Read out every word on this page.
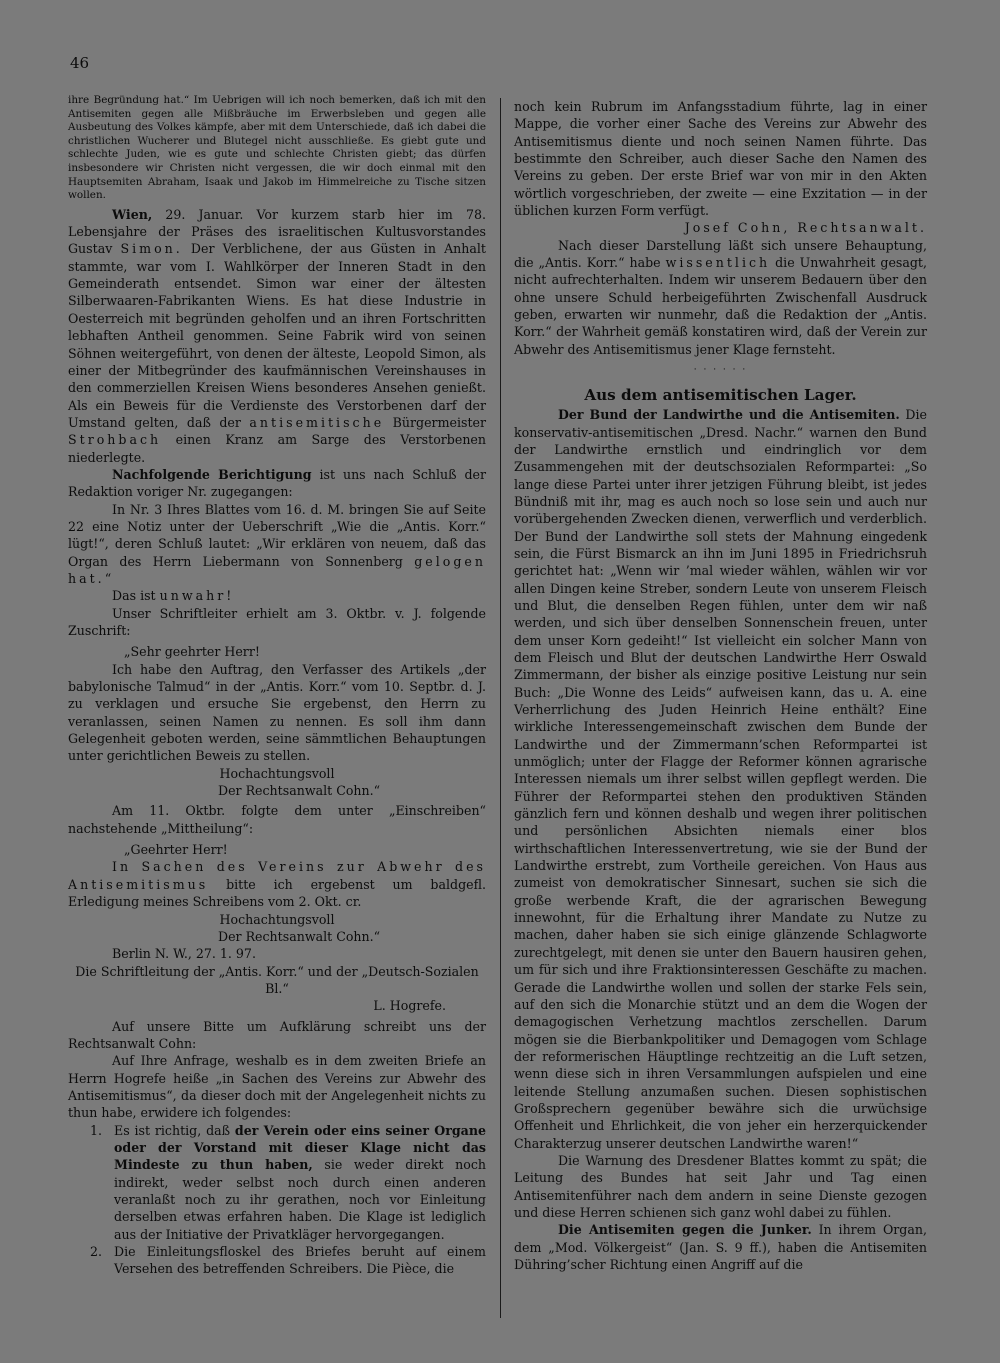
46

ihre Begründung hat.“ Im Uebrigen will ich noch bemerken, daß ich mit den Antisemiten gegen alle Mißbräuche im Erwerbsleben und gegen alle Ausbeutung des Volkes kämpfe, aber mit dem Unterschiede, daß ich dabei die christlichen Wucherer und Blutegel nicht ausschließe. Es giebt gute und schlechte Juden, wie es gute und schlechte Christen giebt; das dürfen insbesondere wir Christen nicht vergessen, die wir doch einmal mit den Hauptsemiten Abraham, Isaak und Jakob im Himmelreiche zu Tische sitzen wollen.

Wien, 29. Januar. Vor kurzem starb hier im 78. Lebensjahre der Präses des israelitischen Kultusvorstandes Gustav Simon. Der Verblichene, der aus Güsten in Anhalt stammte, war vom I. Wahlkörper der Inneren Stadt in den Gemeinderath entsendet. Simon war einer der ältesten Silberwaaren-Fabrikanten Wiens. Es hat diese Industrie in Oesterreich mit begründen geholfen und an ihren Fortschritten lebhaften Antheil genommen. Seine Fabrik wird von seinen Söhnen weitergeführt, von denen der älteste, Leopold Simon, als einer der Mitbegründer des kaufmännischen Vereinshauses in den commerziellen Kreisen Wiens besonderes Ansehen genießt. Als ein Beweis für die Verdienste des Verstorbenen darf der Umstand gelten, daß der antisemitische Bürgermeister Strohbach einen Kranz am Sarge des Verstorbenen niederlegte.

Nachfolgende Berichtigung ist uns nach Schluß der Redaktion voriger Nr. zugegangen:

In Nr. 3 Ihres Blattes vom 16. d. M. bringen Sie auf Seite 22 eine Notiz unter der Ueberschrift „Wie die „Antis. Korr.“ lügt!“, deren Schluß lautet: „Wir erklären von neuem, daß das Organ des Herrn Liebermann von Sonnenberg gelogen hat.“

Das ist unwahr!

Unser Schriftleiter erhielt am 3. Oktbr. v. J. folgende Zuschrift:

„Sehr geehrter Herr!

Ich habe den Auftrag, den Verfasser des Artikels „der babylonische Talmud“ in der „Antis. Korr.“ vom 10. Septbr. d. J. zu verklagen und ersuche Sie ergebenst, den Herrn zu veranlassen, seinen Namen zu nennen. Es soll ihm dann Gelegenheit geboten werden, seine sämmtlichen Behauptungen unter gerichtlichen Beweis zu stellen.

Hochachtungsvoll

Der Rechtsanwalt Cohn.“

Am 11. Oktbr. folgte dem unter „Einschreiben“ nachstehende „Mittheilung“:

„Geehrter Herr!

In Sachen des Vereins zur Abwehr des Antisemitismus bitte ich ergebenst um baldgefl. Erledigung meines Schreibens vom 2. Okt. cr.

Hochachtungsvoll

Der Rechtsanwalt Cohn.“

Berlin N. W., 27. 1. 97.

Die Schriftleitung der „Antis. Korr.“ und der „Deutsch-Sozialen Bl.“

L. Hogrefe.

Auf unsere Bitte um Aufklärung schreibt uns der Rechtsanwalt Cohn:

Auf Ihre Anfrage, weshalb es in dem zweiten Briefe an Herrn Hogrefe heiße „in Sachen des Vereins zur Abwehr des Antisemitismus“, da dieser doch mit der Angelegenheit nichts zu thun habe, erwidere ich folgendes:

1. Es ist richtig, daß der Verein oder eins seiner Organe oder der Vorstand mit dieser Klage nicht das Mindeste zu thun haben, sie weder direkt noch indirekt, weder selbst noch durch einen anderen veranlaßt noch zu ihr gerathen, noch vor Einleitung derselben etwas erfahren haben. Die Klage ist lediglich aus der Initiative der Privatkläger hervorgegangen.
2. Die Einleitungsfloskel des Briefes beruht auf einem Versehen des betreffenden Schreibers. Die Pièce, die

noch kein Rubrum im Anfangsstadium führte, lag in einer Mappe, die vorher einer Sache des Vereins zur Abwehr des Antisemitismus diente und noch seinen Namen führte. Das bestimmte den Schreiber, auch dieser Sache den Namen des Vereins zu geben. Der erste Brief war von mir in den Akten wörtlich vorgeschrieben, der zweite — eine Exzitation — in der üblichen kurzen Form verfügt.

Josef Cohn, Rechtsanwalt.

Nach dieser Darstellung läßt sich unsere Behauptung, die „Antis. Korr.“ habe wissentlich die Unwahrheit gesagt, nicht aufrechterhalten. Indem wir unserem Bedauern über den ohne unsere Schuld herbeigeführten Zwischenfall Ausdruck geben, erwarten wir nunmehr, daß die Redaktion der „Antis. Korr.“ der Wahrheit gemäß konstatiren wird, daß der Verein zur Abwehr des Antisemitismus jener Klage fernsteht.

· · · · · ·

Aus dem antisemitischen Lager.

Der Bund der Landwirthe und die Antisemiten. Die konservativ-antisemitischen „Dresd. Nachr.“ warnen den Bund der Landwirthe ernstlich und eindringlich vor dem Zusammengehen mit der deutschsozialen Reformpartei: „So lange diese Partei unter ihrer jetzigen Führung bleibt, ist jedes Bündniß mit ihr, mag es auch noch so lose sein und auch nur vorübergehenden Zwecken dienen, verwerflich und verderblich. Der Bund der Landwirthe soll stets der Mahnung eingedenk sein, die Fürst Bismarck an ihn im Juni 1895 in Friedrichsruh gerichtet hat: „Wenn wir ’mal wieder wählen, wählen wir vor allen Dingen keine Streber, sondern Leute von unserem Fleisch und Blut, die denselben Regen fühlen, unter dem wir naß werden, und sich über denselben Sonnenschein freuen, unter dem unser Korn gedeiht!“ Ist vielleicht ein solcher Mann von dem Fleisch und Blut der deutschen Landwirthe Herr Oswald Zimmermann, der bisher als einzige positive Leistung nur sein Buch: „Die Wonne des Leids“ aufweisen kann, das u. A. eine Verherrlichung des Juden Heinrich Heine enthält? Eine wirkliche Interessengemeinschaft zwischen dem Bunde der Landwirthe und der Zimmermann’schen Reformpartei ist unmöglich; unter der Flagge der Reformer können agrarische Interessen niemals um ihrer selbst willen gepflegt werden. Die Führer der Reformpartei stehen den produktiven Ständen gänzlich fern und können deshalb und wegen ihrer politischen und persönlichen Absichten niemals einer blos wirthschaftlichen Interessenvertretung, wie sie der Bund der Landwirthe erstrebt, zum Vortheile gereichen. Von Haus aus zumeist von demokratischer Sinnesart, suchen sie sich die große werbende Kraft, die der agrarischen Bewegung innewohnt, für die Erhaltung ihrer Mandate zu Nutze zu machen, daher haben sie sich einige glänzende Schlagworte zurechtgelegt, mit denen sie unter den Bauern hausiren gehen, um für sich und ihre Fraktionsinteressen Geschäfte zu machen. Gerade die Landwirthe wollen und sollen der starke Fels sein, auf den sich die Monarchie stützt und an dem die Wogen der demagogischen Verhetzung machtlos zerschellen. Darum mögen sie die Bierbankpolitiker und Demagogen vom Schlage der reformerischen Häuptlinge rechtzeitig an die Luft setzen, wenn diese sich in ihren Versammlungen aufspielen und eine leitende Stellung anzumaßen suchen. Diesen sophistischen Großsprechern gegenüber bewähre sich die urwüchsige Offenheit und Ehrlichkeit, die von jeher ein herzerquickender Charakterzug unserer deutschen Landwirthe waren!“

Die Warnung des Dresdener Blattes kommt zu spät; die Leitung des Bundes hat seit Jahr und Tag einen Antisemitenführer nach dem andern in seine Dienste gezogen und diese Herren schienen sich ganz wohl dabei zu fühlen.

Die Antisemiten gegen die Junker. In ihrem Organ, dem „Mod. Völkergeist“ (Jan. S. 9 ff.), haben die Antisemiten Dühring’scher Richtung einen Angriff auf die
